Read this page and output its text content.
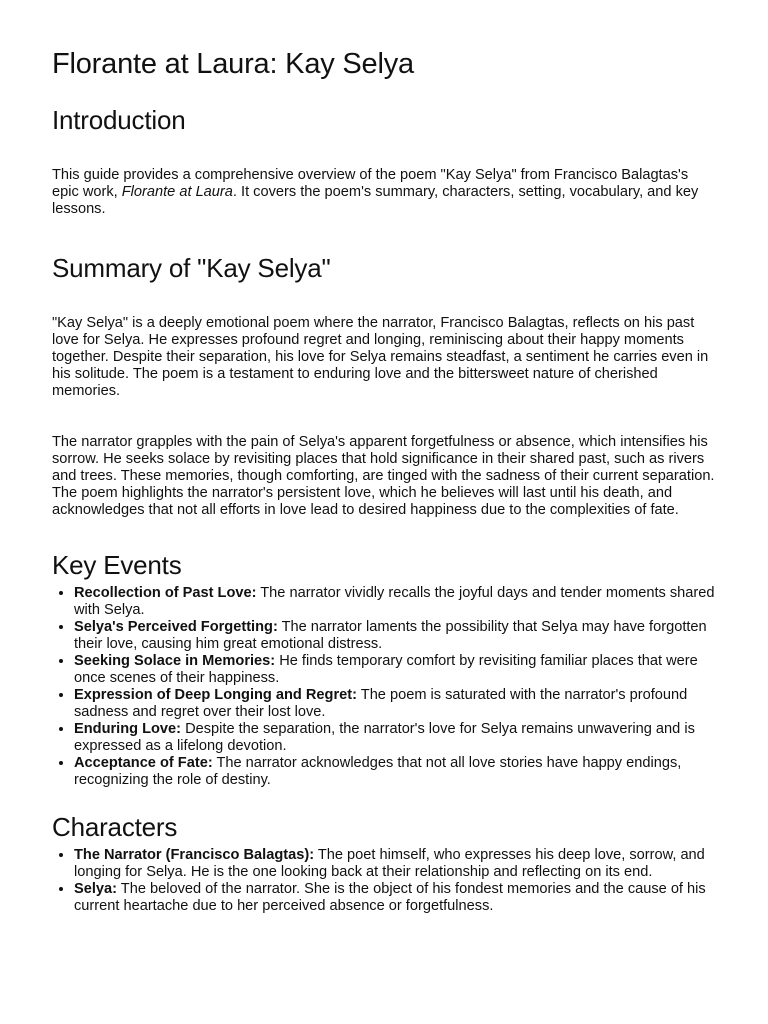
Florante at Laura: Kay Selya
Introduction

This guide provides a comprehensive overview of the poem "Kay Selya" from Francisco Balagtas's epic work, Florante at Laura. It covers the poem's summary, characters, setting, vocabulary, and key lessons.

Summary of "Kay Selya"

"Kay Selya" is a deeply emotional poem where the narrator, Francisco Balagtas, reflects on his past love for Selya. He expresses profound regret and longing, reminiscing about their happy moments together. Despite their separation, his love for Selya remains steadfast, a sentiment he carries even in his solitude. The poem is a testament to enduring love and the bittersweet nature of cherished memories.

The narrator grapples with the pain of Selya's apparent forgetfulness or absence, which intensifies his sorrow. He seeks solace by revisiting places that hold significance in their shared past, such as rivers and trees. These memories, though comforting, are tinged with the sadness of their current separation. The poem highlights the narrator's persistent love, which he believes will last until his death, and acknowledges that not all efforts in love lead to desired happiness due to the complexities of fate.

Key Events
• Recollection of Past Love: The narrator vividly recalls the joyful days and tender moments shared with Selya.
• Selya's Perceived Forgetting: The narrator laments the possibility that Selya may have forgotten their love, causing him great emotional distress.
• Seeking Solace in Memories: He finds temporary comfort by revisiting familiar places that were once scenes of their happiness.
• Expression of Deep Longing and Regret: The poem is saturated with the narrator's profound sadness and regret over their lost love.
• Enduring Love: Despite the separation, the narrator's love for Selya remains unwavering and is expressed as a lifelong devotion.
• Acceptance of Fate: The narrator acknowledges that not all love stories have happy endings, recognizing the role of destiny.
Characters
• The Narrator (Francisco Balagtas): The poet himself, who expresses his deep love, sorrow, and longing for Selya. He is the one looking back at their relationship and reflecting on its end.
• Selya: The beloved of the narrator. She is the object of his fondest memories and the cause of his current heartache due to her perceived absence or forgetfulness.
